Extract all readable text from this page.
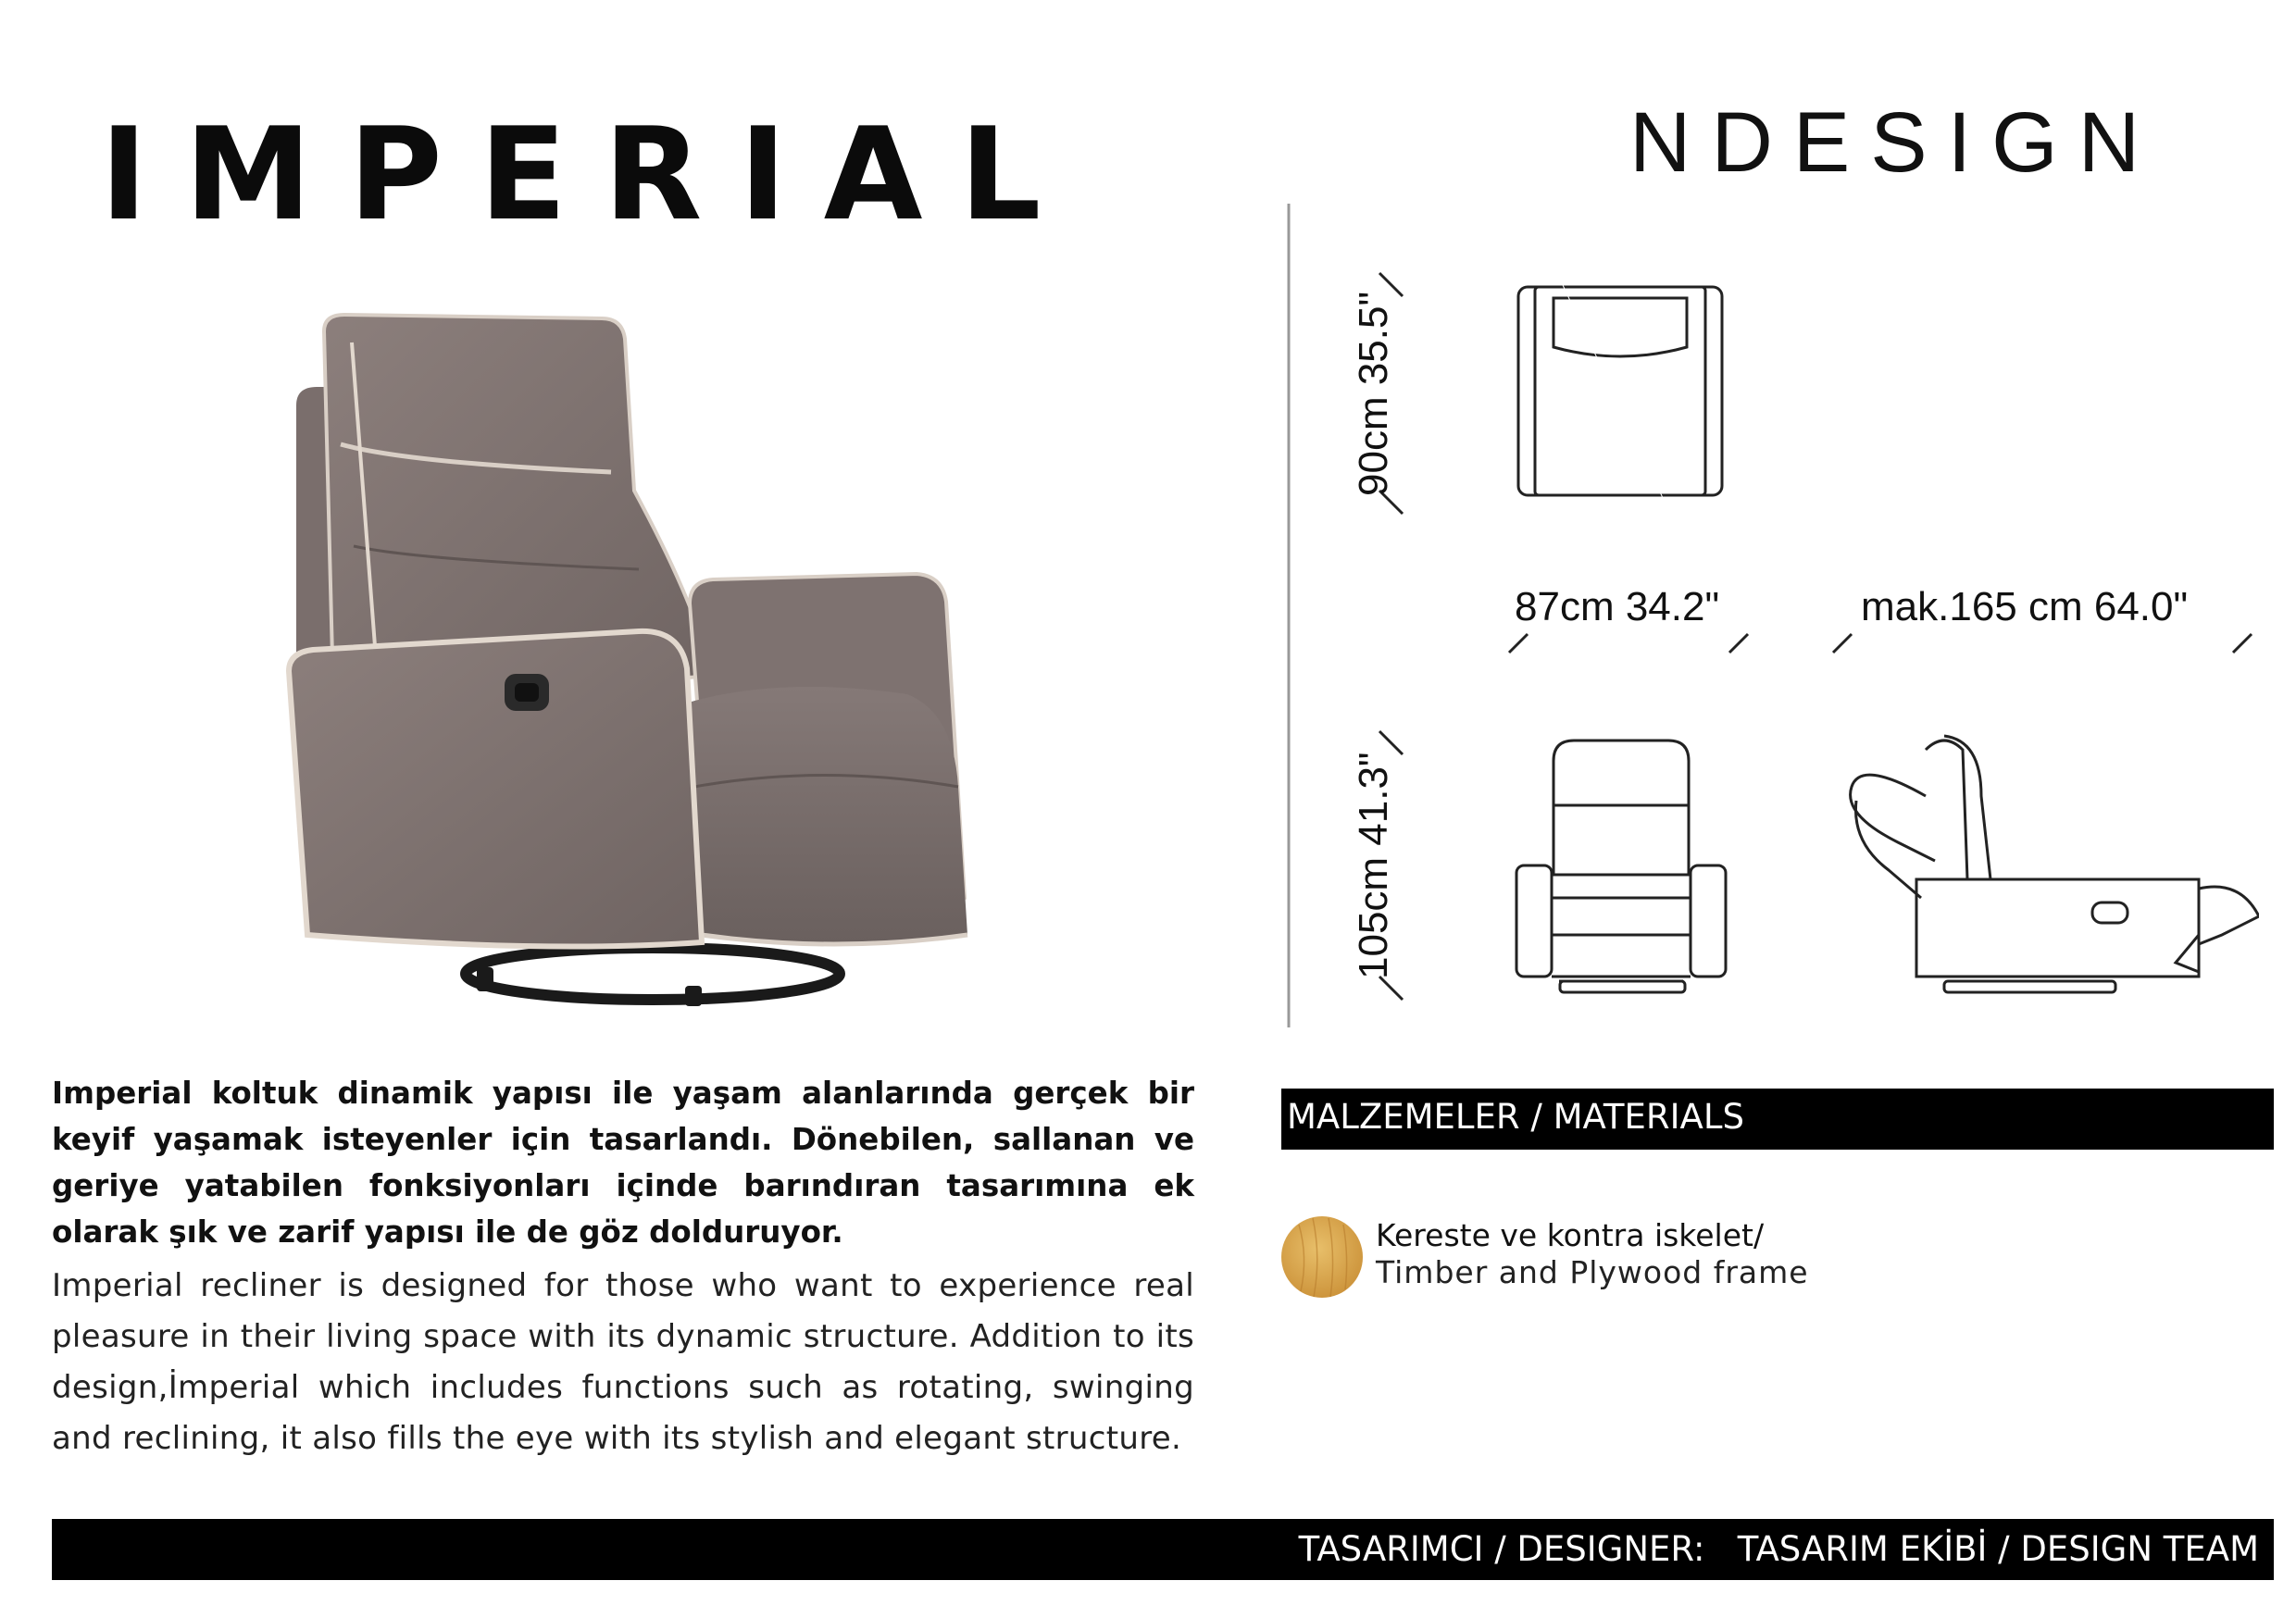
IMPERIAL	NDESIGN
90cm 35.5"
87cm 34.2"	mak.165 cm 64.0"
105cm 41.3"

Imperial koltuk dinamik yapısı ile yaşam alanlarında gerçek bir keyif yaşamak isteyenler için tasarlandı. Dönebilen, sallanan ve geriye yatabilen fonksiyonları içinde barındıran tasarımına ek olarak şık ve zarif yapısı ile de göz dolduruyor.

Imperial recliner is designed for those who want to experience real pleasure in their living space with its dynamic structure. Addition to its design,İmperial which includes functions such as rotating, swinging and reclining, it also fills the eye with its stylish and elegant structure.

MALZEMELER / MATERIALS
Kereste ve kontra iskelet/
Timber and Plywood frame
TASARIMCI / DESIGNER:   TASARIM EKİBİ / DESIGN TEAM
